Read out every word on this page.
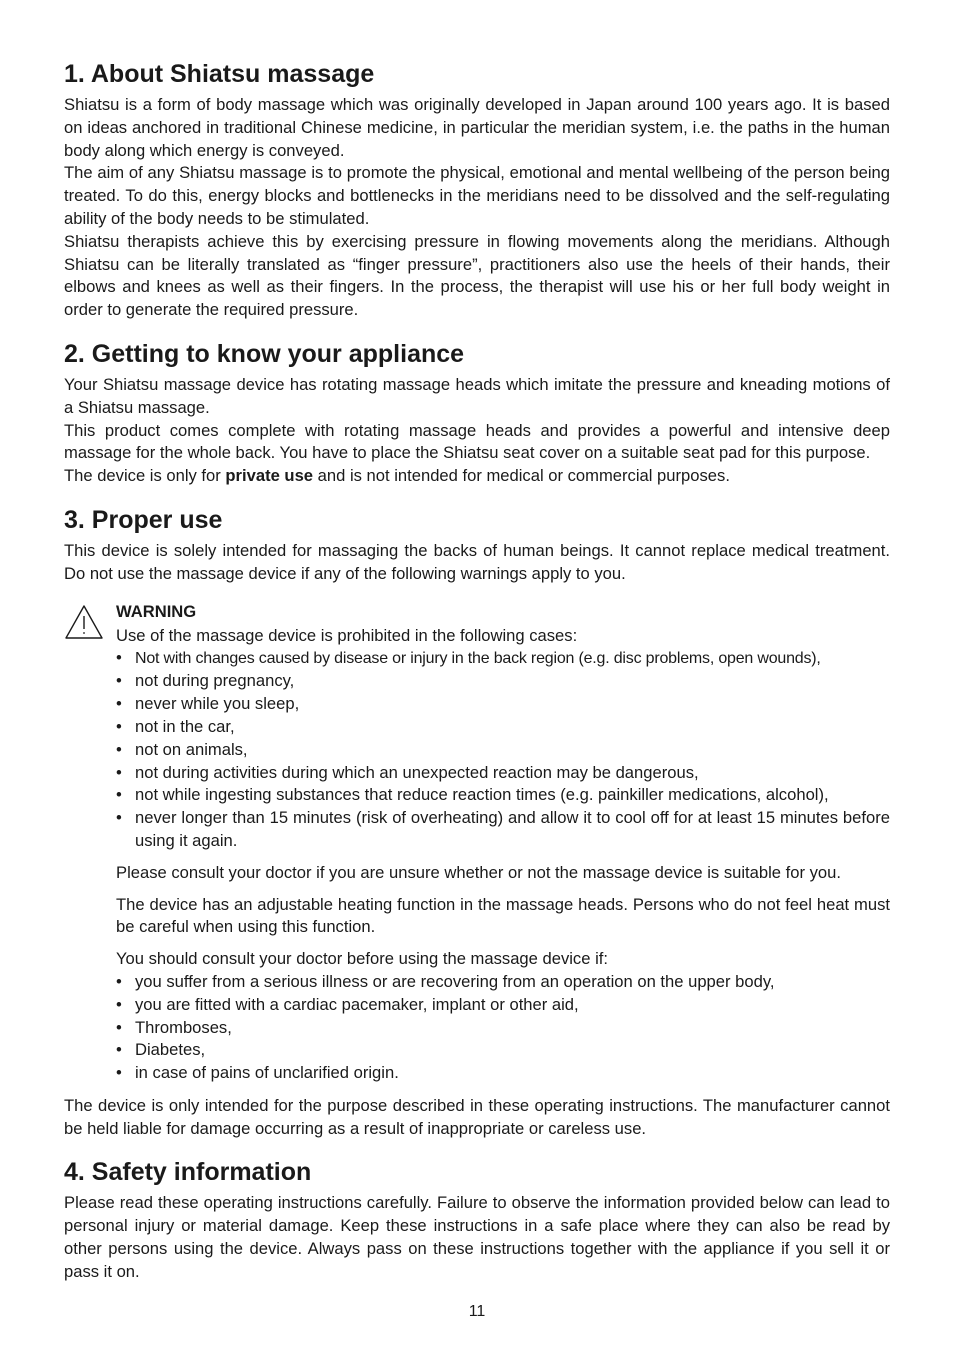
1. About Shiatsu massage

Shiatsu is a form of body massage which was originally developed in Japan around 100 years ago. It is based on ideas anchored in traditional Chinese medicine, in particular the meridian system, i.e. the paths in the human body along which energy is conveyed.

The aim of any Shiatsu massage is to promote the physical, emotional and mental wellbeing of the person being treated. To do this, energy blocks and bottlenecks in the meridians need to be dissolved and the self-regulating ability of the body needs to be stimulated.

Shiatsu therapists achieve this by exercising pressure in flowing movements along the meridians. Although Shiatsu can be literally translated as “finger pressure”, practitioners also use the heels of their hands, their elbows and knees as well as their fingers. In the process, the therapist will use his or her full body weight in order to generate the required pressure.

2. Getting to know your appliance

Your Shiatsu massage device has rotating massage heads which imitate the pressure and kneading motions of a Shiatsu massage.

This product comes complete with rotating massage heads and provides a powerful and intensive deep massage for the whole back. You have to place the Shiatsu seat cover on a suitable seat pad for this purpose.

The device is only for private use and is not intended for medical or commercial purposes.

3. Proper use

This device is solely intended for massaging the backs of human beings. It cannot replace medical treatment. Do not use the massage device if any of the following warnings apply to you.

WARNING
Use of the massage device is prohibited in the following cases:
• Not with changes caused by disease or injury in the back region (e.g. disc problems, open wounds),
• not during pregnancy,
• never while you sleep,
• not in the car,
• not on animals,
• not during activities during which an unexpected reaction may be dangerous,
• not while ingesting substances that reduce reaction times (e.g. painkiller medications, alcohol),
• never longer than 15 minutes (risk of overheating) and allow it to cool off for at least 15 minutes before using it again.

Please consult your doctor if you are unsure whether or not the massage device is suitable for you.

The device has an adjustable heating function in the massage heads. Persons who do not feel heat must be careful when using this function.

You should consult your doctor before using the massage device if:

• you suffer from a serious illness or are recovering from an operation on the upper body,
• you are fitted with a cardiac pacemaker, implant or other aid,
• Thromboses,
• Diabetes,
• in case of pains of unclarified origin.

The device is only intended for the purpose described in these operating instructions. The manufacturer cannot be held liable for damage occurring as a result of inappropriate or careless use.

4. Safety information

Please read these operating instructions carefully. Failure to observe the information provided below can lead to personal injury or material damage. Keep these instructions in a safe place where they can also be read by other persons using the device. Always pass on these instructions together with the appliance if you sell it or pass it on.

11
